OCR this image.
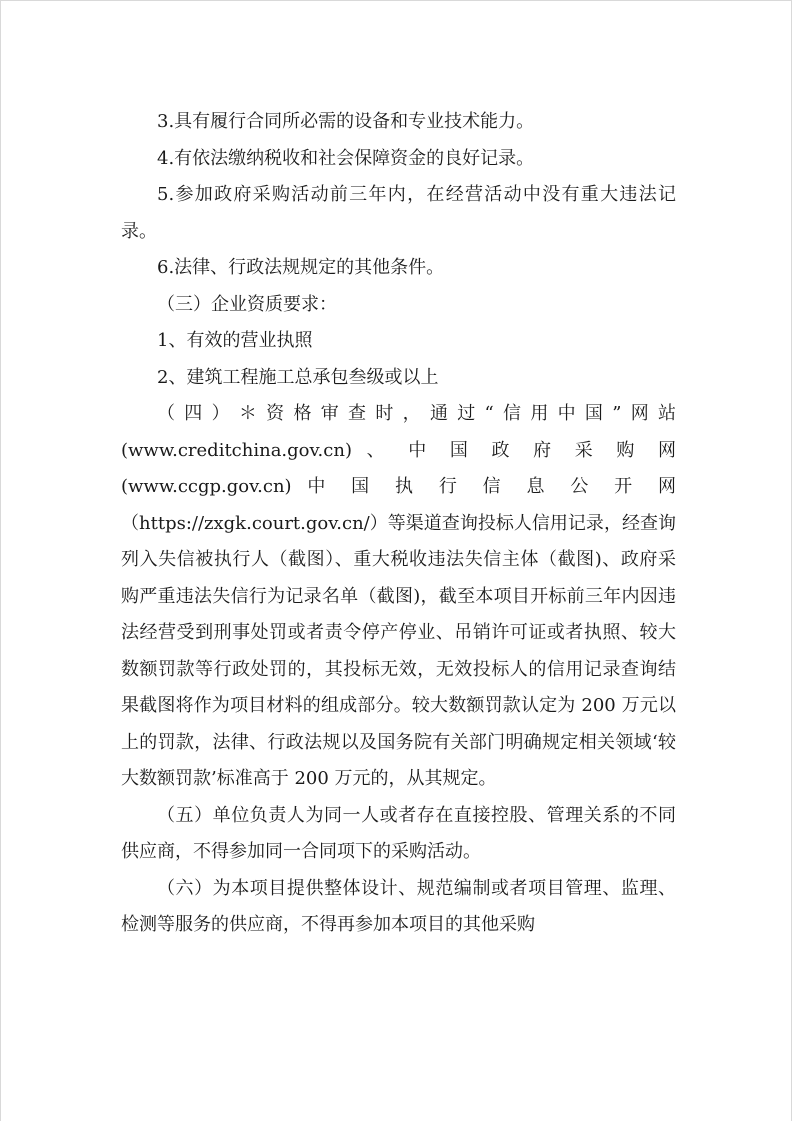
3.具有履行合同所必需的设备和专业技术能力。

4.有依法缴纳税收和社会保障资金的良好记录。

5.参加政府采购活动前三年内，在经营活动中没有重大违法记录。

6.法律、行政法规规定的其他条件。

（三）企业资质要求：

1、有效的营业执照

2、建筑工程施工总承包叁级或以上

（四）＊资格审查时，通过“信用中国”网站

(www.creditchina.gov.cn) 、 中 国 政 府 采 购 网

(www.ccgp.gov.cn) 中 国 执 行 信 息 公 开 网

（https://zxgk.court.gov.cn/）等渠道查询投标人信用记录，经查询列入失信被执行人（截图）、重大税收违法失信主体（截图)、政府采购严重违法失信行为记录名单（截图)，截至本项目开标前三年内因违法经营受到刑事处罚或者责令停产停业、吊销许可证或者执照、较大数额罚款等行政处罚的，其投标无效，无效投标人的信用记录查询结果截图将作为项目材料的组成部分。较大数额罚款认定为 200 万元以上的罚款，法律、行政法规以及国务院有关部门明确规定相关领域‘较大数额罚款’标准高于 200 万元的，从其规定。

（五）单位负责人为同一人或者存在直接控股、管理关系的不同供应商，不得参加同一合同项下的采购活动。

（六）为本项目提供整体设计、规范编制或者项目管理、监理、检测等服务的供应商，不得再参加本项目的其他采购
